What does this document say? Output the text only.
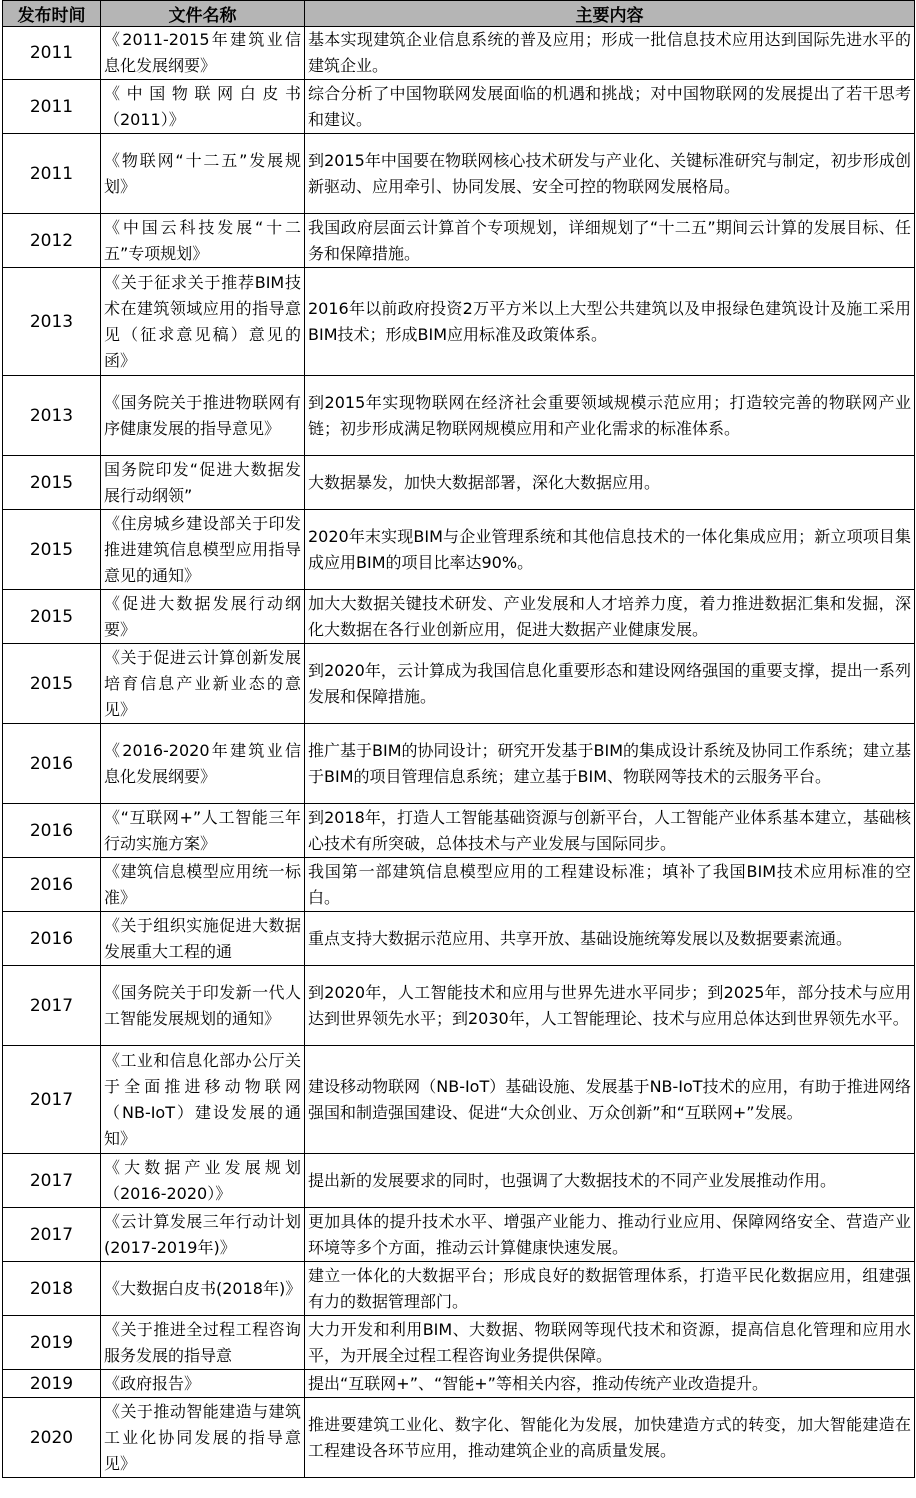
发布时间	文件名称	主要内容
2011	《2011-2015年建筑业信息化发展纲要》	基本实现建筑企业信息系统的普及应用；形成一批信息技术应用达到国际先进水平的建筑企业。
2011	《中国物联网白皮书（2011）》	综合分析了中国物联网发展面临的机遇和挑战；对中国物联网的发展提出了若干思考和建议。
2011	《物联网“十二五”发展规划》	到2015年中国要在物联网核心技术研发与产业化、关键标准研究与制定，初步形成创新驱动、应用牵引、协同发展、安全可控的物联网发展格局。
2012	《中国云科技发展“十二五”专项规划》	我国政府层面云计算首个专项规划，详细规划了“十二五”期间云计算的发展目标、任务和保障措施。
2013	《关于征求关于推荐BIM技术在建筑领域应用的指导意见（征求意见稿）意见的函》	2016年以前政府投资2万平方米以上大型公共建筑以及申报绿色建筑设计及施工采用BIM技术；形成BIM应用标准及政策体系。
2013	《国务院关于推进物联网有序健康发展的指导意见》	到2015年实现物联网在经济社会重要领域规模示范应用；打造较完善的物联网产业链；初步形成满足物联网规模应用和产业化需求的标准体系。
2015	国务院印发“促进大数据发展行动纲领”	大数据暴发，加快大数据部署，深化大数据应用。
2015	《住房城乡建设部关于印发推进建筑信息模型应用指导意见的通知》	2020年末实现BIM与企业管理系统和其他信息技术的一体化集成应用；新立项项目集成应用BIM的项目比率达90%。
2015	《促进大数据发展行动纲要》	加大大数据关键技术研发、产业发展和人才培养力度，着力推进数据汇集和发掘，深化大数据在各行业创新应用，促进大数据产业健康发展。
2015	《关于促进云计算创新发展培育信息产业新业态的意见》	到2020年，云计算成为我国信息化重要形态和建设网络强国的重要支撑，提出一系列发展和保障措施。
2016	《2016-2020年建筑业信息化发展纲要》	推广基于BIM的协同设计；研究开发基于BIM的集成设计系统及协同工作系统；建立基于BIM的项目管理信息系统；建立基于BIM、物联网等技术的云服务平台。
2016	《“互联网+”人工智能三年行动实施方案》	到2018年，打造人工智能基础资源与创新平台，人工智能产业体系基本建立，基础核心技术有所突破，总体技术与产业发展与国际同步。
2016	《建筑信息模型应用统一标准》	我国第一部建筑信息模型应用的工程建设标准；填补了我国BIM技术应用标准的空白。
2016	《关于组织实施促进大数据发展重大工程的通	重点支持大数据示范应用、共享开放、基础设施统筹发展以及数据要素流通。
2017	《国务院关于印发新一代人工智能发展规划的通知》	到2020年，人工智能技术和应用与世界先进水平同步；到2025年，部分技术与应用达到世界领先水平；到2030年，人工智能理论、技术与应用总体达到世界领先水平。
2017	《工业和信息化部办公厅关于全面推进移动物联网（NB-IoT）建设发展的通知》	建设移动物联网（NB-IoT）基础设施、发展基于NB-IoT技术的应用，有助于推进网络强国和制造强国建设、促进“大众创业、万众创新”和“互联网+”发展。
2017	《大数据产业发展规划（2016-2020）》	提出新的发展要求的同时，也强调了大数据技术的不同产业发展推动作用。
2017	《云计算发展三年行动计划(2017-2019年)》	更加具体的提升技术水平、增强产业能力、推动行业应用、保障网络安全、营造产业环境等多个方面，推动云计算健康快速发展。
2018	《大数据白皮书(2018年)》	建立一体化的大数据平台；形成良好的数据管理体系，打造平民化数据应用，组建强有力的数据管理部门。
2019	《关于推进全过程工程咨询服务发展的指导意	大力开发和利用BIM、大数据、物联网等现代技术和资源，提高信息化管理和应用水平，为开展全过程工程咨询业务提供保障。
2019	《政府报告》	提出“互联网+”、“智能+”等相关内容，推动传统产业改造提升。
2020	《关于推动智能建造与建筑工业化协同发展的指导意见》	推进要建筑工业化、数字化、智能化为发展，加快建造方式的转变，加大智能建造在工程建设各环节应用，推动建筑企业的高质量发展。
